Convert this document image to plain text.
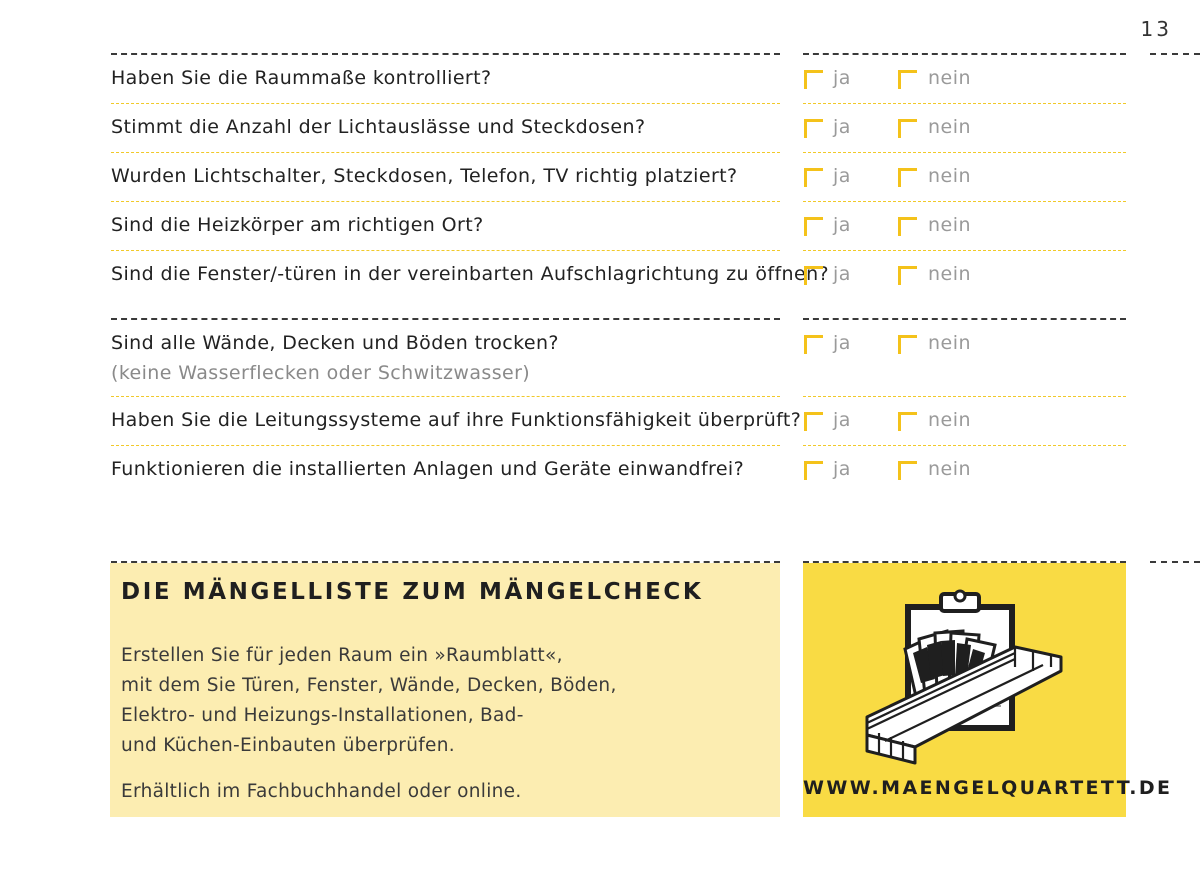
13
Haben Sie die Raummaße kontrolliert?	ja	nein
Stimmt die Anzahl der Lichtauslässe und Steckdosen?	ja	nein
Wurden Lichtschalter, Steckdosen, Telefon, TV richtig platziert?	ja	nein
Sind die Heizkörper am richtigen Ort?	ja	nein
Sind die Fenster/-türen in der vereinbarten Aufschlagrichtung zu öffnen? ja	nein
Sind alle Wände, Decken und Böden trocken?
(keine Wasserflecken oder Schwitzwasser)
ja	nein
Haben Sie die Leitungssysteme auf ihre Funktionsfähigkeit überprüft? ja	nein
Funktionieren die installierten Anlagen und Geräte einwandfrei?	ja	nein
DIE MÄNGELLISTE ZUM MÄNGELCHECK

Erstellen Sie für jeden Raum ein »Raumblatt«,
mit dem Sie Türen, Fenster, Wände, Decken, Böden,
Elektro- und Heizungs-Installationen, Bad-
und Küchen-Einbauten überprüfen.

Erhältlich im Fachbuchhandel oder online.	WWW.MAENGELQUARTETT.DE
